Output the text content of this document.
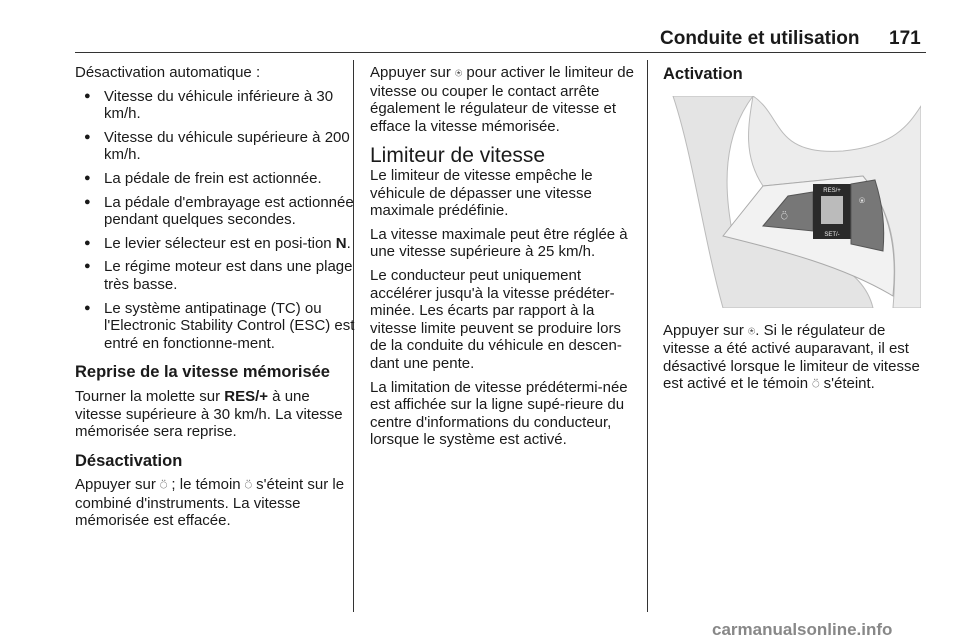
Conduite et utilisation 171

Désactivation automatique :

● Vitesse du véhicule inférieure à 30 km/h.
● Vitesse du véhicule supérieure à 200 km/h.
● La pédale de frein est actionnée.
● La pédale d'embrayage est actionnée pendant quelques secondes.
● Le levier sélecteur est en posi-tion N.
● Le régime moteur est dans une plage très basse.
● Le système antipatinage (TC) ou l'Electronic Stability Control (ESC) est entré en fonctionne-ment.
Reprise de la vitesse mémorisée

Tourner la molette sur RES/+ à une vitesse supérieure à 30 km/h. La vitesse mémorisée sera reprise.

Désactivation

Appuyer sur ⍥ ; le témoin ⍥ s'éteint sur le combiné d'instruments. La vitesse mémorisée est effacée.

Appuyer sur ⍟ pour activer le limiteur de vitesse ou couper le contact arrête également le régulateur de vitesse et efface la vitesse mémorisée.

Limiteur de vitesse

Le limiteur de vitesse empêche le véhicule de dépasser une vitesse maximale prédéfinie.

La vitesse maximale peut être réglée à une vitesse supérieure à 25 km/h.

Le conducteur peut uniquement accélérer jusqu'à la vitesse prédéter-minée. Les écarts par rapport à la vitesse limite peuvent se produire lors de la conduite du véhicule en descen-dant une pente.

La limitation de vitesse prédétermi-née est affichée sur la ligne supé-rieure du centre d'informations du conducteur, lorsque le système est activé.

Activation
RES/+
SET/-
⍥
⍟

Appuyer sur ⍟. Si le régulateur de vitesse a été activé auparavant, il est désactivé lorsque le limiteur de vitesse est activé et le témoin ⍥ s'éteint.

carmanualsonline.info
